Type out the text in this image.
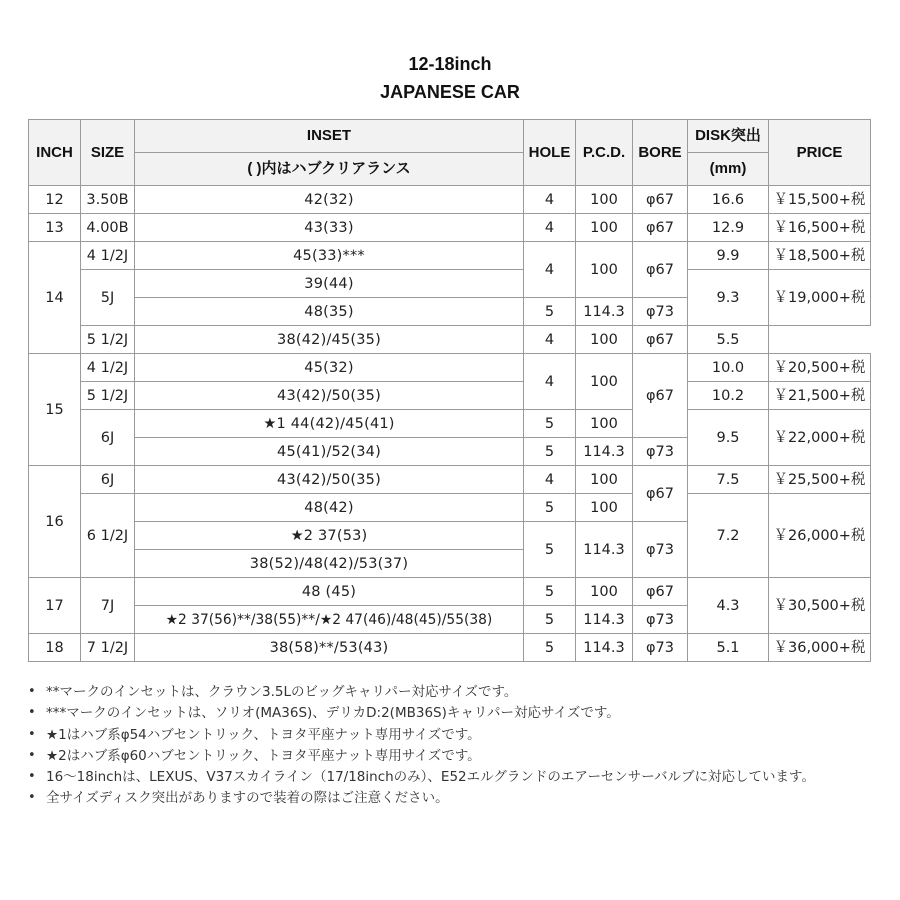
12-18inch
JAPANESE CAR
INCH	SIZE	INSET	HOLE	P.C.D.	BORE	DISK突出	PRICE
		( )内はハブクリアランス				(mm)	
12	3.50B	42(32)	4	100	φ67	16.6	￥15,500+税
13	4.00B	43(33)	4	100	φ67	12.9	￥16,500+税
14	4 1/2J	45(33)***	4	100	φ67	9.9	￥18,500+税
	5J	39(44)				9.3	￥19,000+税
		48(35)	5	114.3	φ73		
	5 1/2J	38(42)/45(35)	4	100	φ67	5.5	
15	4 1/2J	45(32)	4	100	φ67	10.0	￥20,500+税
	5 1/2J	43(42)/50(35)				10.2	￥21,500+税
	6J	★1 44(42)/45(41)	5	100		9.5	￥22,000+税
		45(41)/52(34)	5	114.3	φ73		
16	6J	43(42)/50(35)	4	100	φ67	7.5	￥25,500+税
	6 1/2J	48(42)	5	100		7.2	￥26,000+税
		★2 37(53)	5	114.3	φ73		
		38(52)/48(42)/53(37)					
17	7J	48 (45)	5	100	φ67	4.3	￥30,500+税
		★2 37(56)**/38(55)**/★2 47(46)/48(45)/55(38)	5	114.3	φ73		
18	7 1/2J	38(58)**/53(43)	5	114.3	φ73	5.1	￥36,000+税
• **マークのインセットは、クラウン3.5Lのビッグキャリパー対応サイズです。
• ***マークのインセットは、ソリオ(MA36S)、デリカD:2(MB36S)キャリパー対応サイズです。
• ★1はハブ系φ54ハブセントリック、トヨタ平座ナット専用サイズです。
• ★2はハブ系φ60ハブセントリック、トヨタ平座ナット専用サイズです。
• 16～18inchは、LEXUS、V37スカイライン（17/18inchのみ）、E52エルグランドのエアーセンサーバルブに対応しています。
• 全サイズディスク突出がありますので装着の際はご注意ください。
